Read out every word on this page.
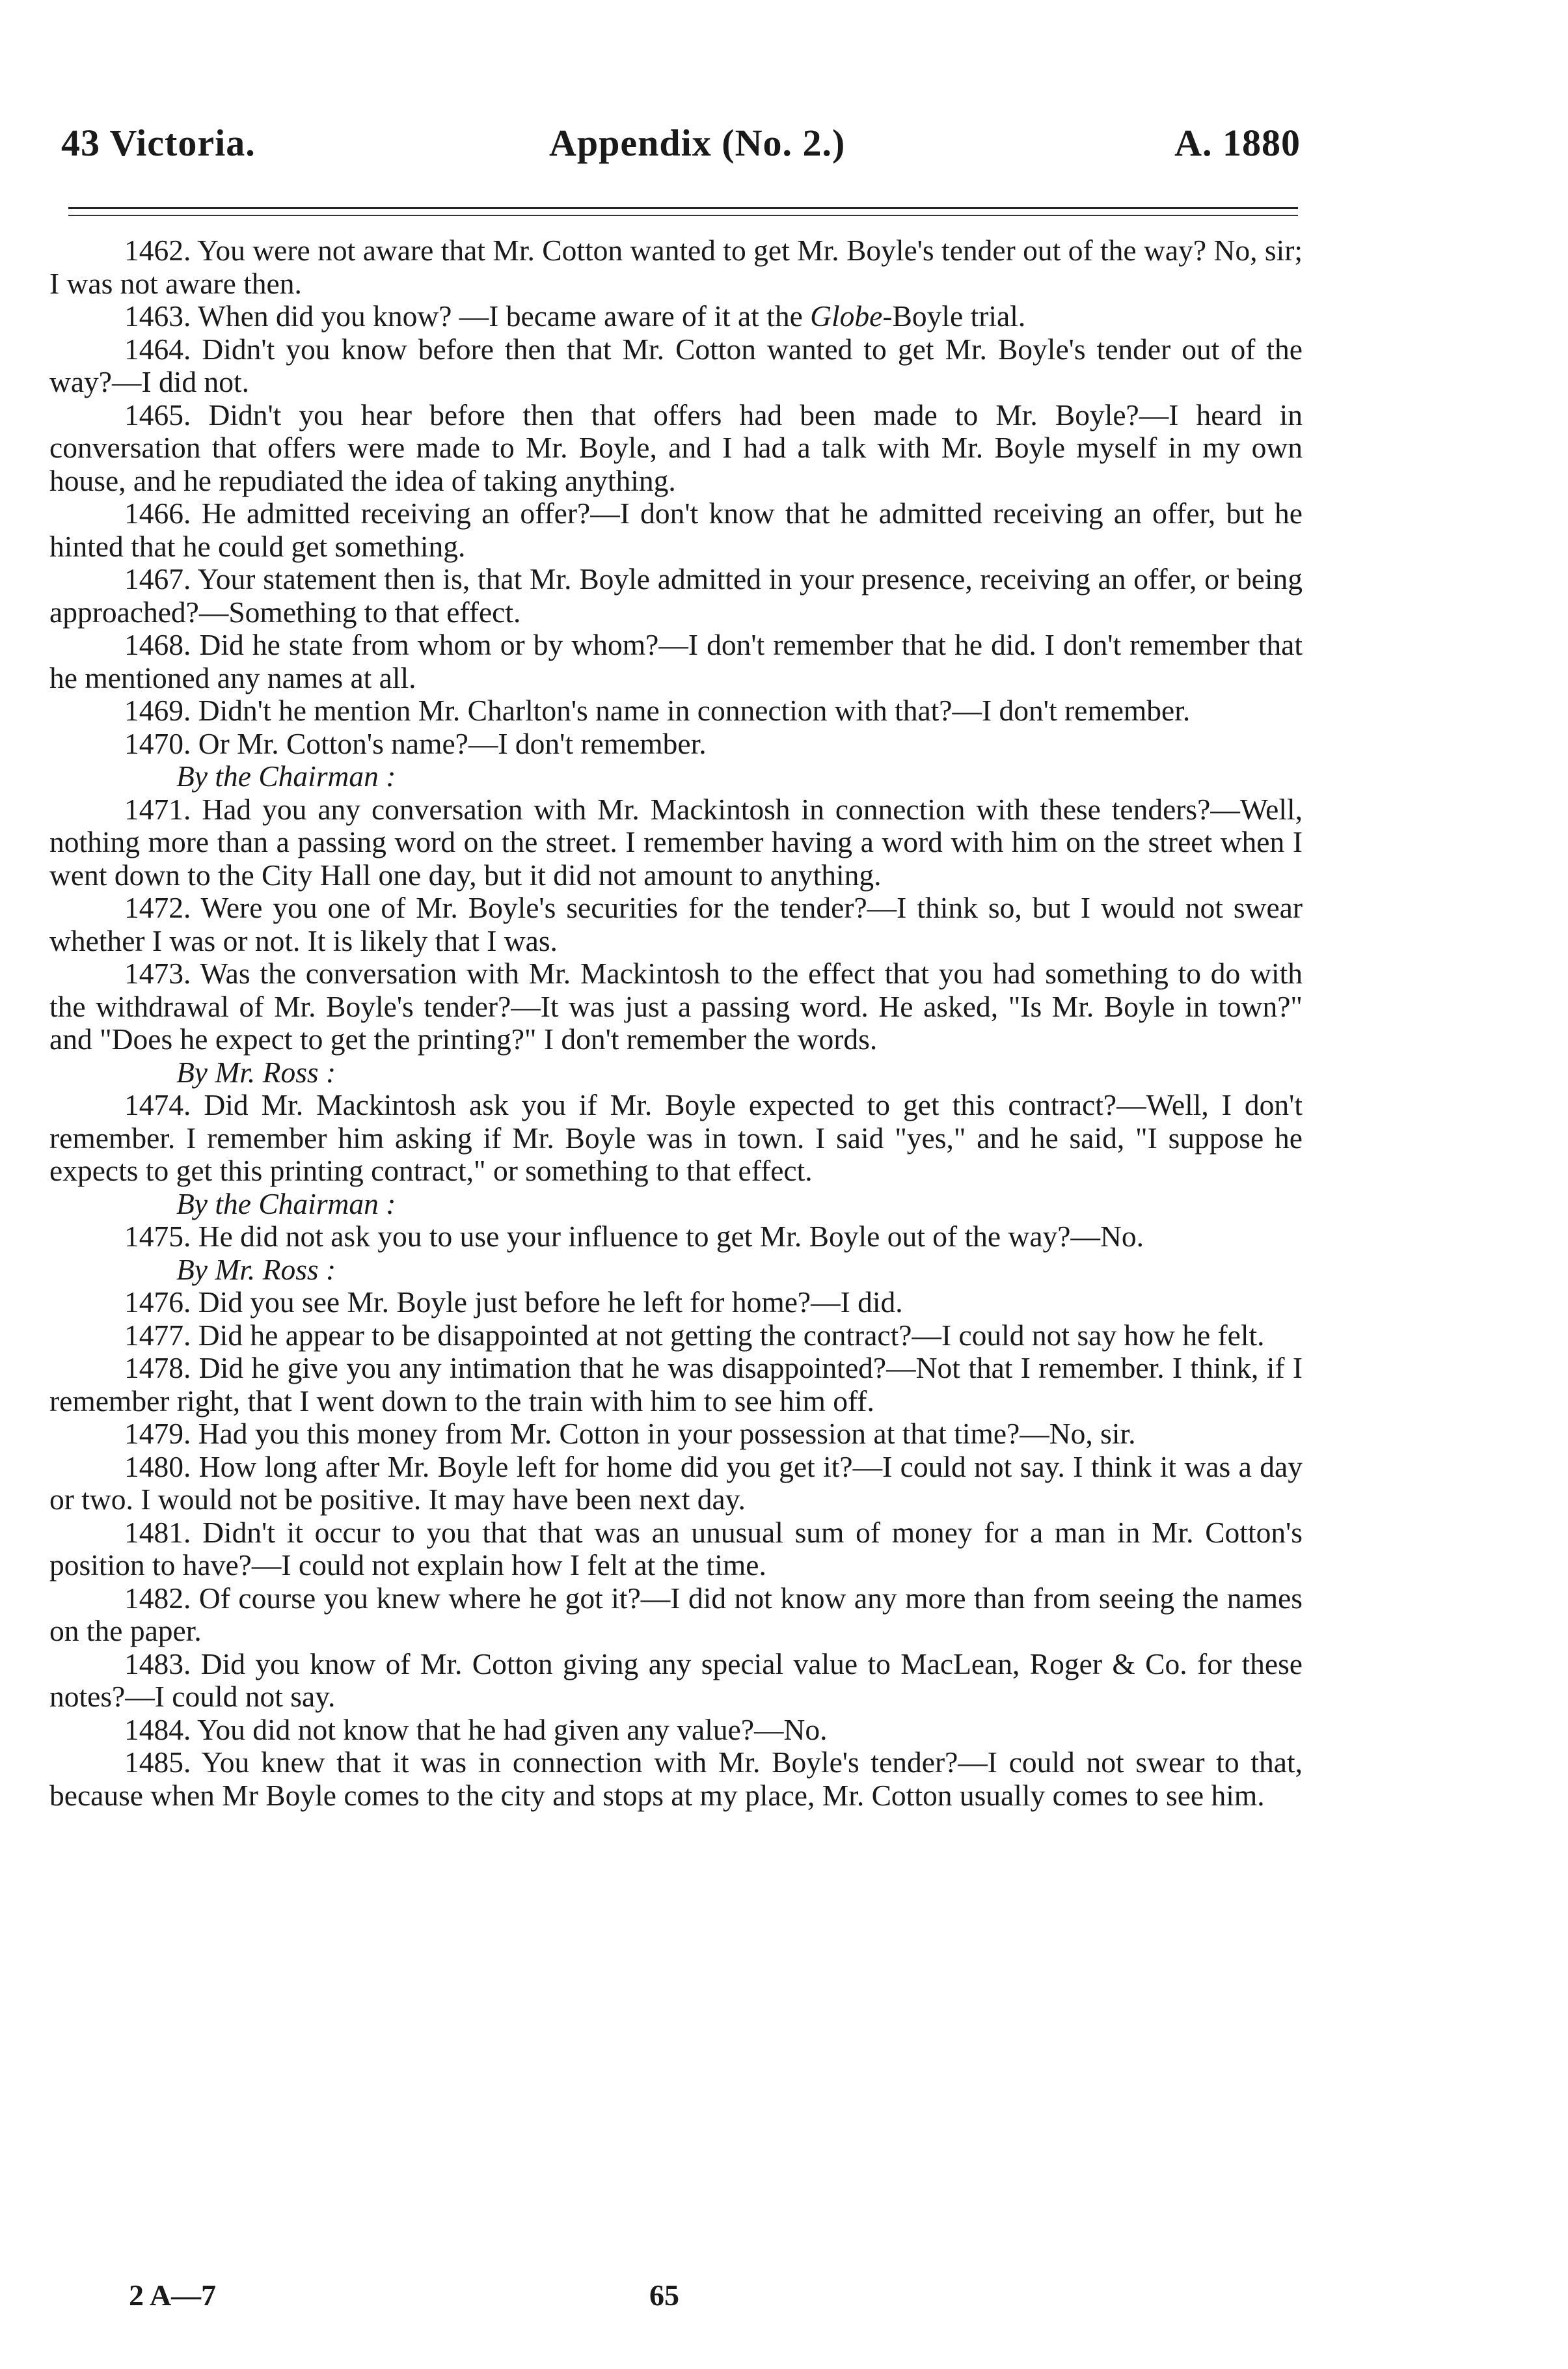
43 Victoria.	Appendix (No. 2.)	A. 1880

1462. You were not aware that Mr. Cotton wanted to get Mr. Boyle's tender out of the way? No, sir; I was not aware then.

1463. When did you know? —I became aware of it at the Globe-Boyle trial.

1464. Didn't you know before then that Mr. Cotton wanted to get Mr. Boyle's tender out of the way?—I did not.

1465. Didn't you hear before then that offers had been made to Mr. Boyle?—I heard in conversation that offers were made to Mr. Boyle, and I had a talk with Mr. Boyle myself in my own house, and he repudiated the idea of taking anything.

1466. He admitted receiving an offer?—I don't know that he admitted receiving an offer, but he hinted that he could get something.

1467. Your statement then is, that Mr. Boyle admitted in your presence, receiving an offer, or being approached?—Something to that effect.

1468. Did he state from whom or by whom?—I don't remember that he did. I don't remember that he mentioned any names at all.

1469. Didn't he mention Mr. Charlton's name in connection with that?—I don't remember.

1470. Or Mr. Cotton's name?—I don't remember.

By the Chairman :

1471. Had you any conversation with Mr. Mackintosh in connection with these tenders?—Well, nothing more than a passing word on the street. I remember having a word with him on the street when I went down to the City Hall one day, but it did not amount to anything.

1472. Were you one of Mr. Boyle's securities for the tender?—I think so, but I would not swear whether I was or not. It is likely that I was.

1473. Was the conversation with Mr. Mackintosh to the effect that you had something to do with the withdrawal of Mr. Boyle's tender?—It was just a passing word. He asked, "Is Mr. Boyle in town?" and "Does he expect to get the printing?" I don't remember the words.

By Mr. Ross :

1474. Did Mr. Mackintosh ask you if Mr. Boyle expected to get this contract?—Well, I don't remember. I remember him asking if Mr. Boyle was in town. I said "yes," and he said, "I suppose he expects to get this printing contract," or something to that effect.

By the Chairman :

1475. He did not ask you to use your influence to get Mr. Boyle out of the way?—No.

By Mr. Ross :

1476. Did you see Mr. Boyle just before he left for home?—I did.

1477. Did he appear to be disappointed at not getting the contract?—I could not say how he felt.

1478. Did he give you any intimation that he was disappointed?—Not that I remember. I think, if I remember right, that I went down to the train with him to see him off.

1479. Had you this money from Mr. Cotton in your possession at that time?—No, sir.

1480. How long after Mr. Boyle left for home did you get it?—I could not say. I think it was a day or two. I would not be positive. It may have been next day.

1481. Didn't it occur to you that that was an unusual sum of money for a man in Mr. Cotton's position to have?—I could not explain how I felt at the time.

1482. Of course you knew where he got it?—I did not know any more than from seeing the names on the paper.

1483. Did you know of Mr. Cotton giving any special value to MacLean, Roger & Co. for these notes?—I could not say.

1484. You did not know that he had given any value?—No.

1485. You knew that it was in connection with Mr. Boyle's tender?—I could not swear to that, because when Mr Boyle comes to the city and stops at my place, Mr. Cotton usually comes to see him.

2 A—7	65
